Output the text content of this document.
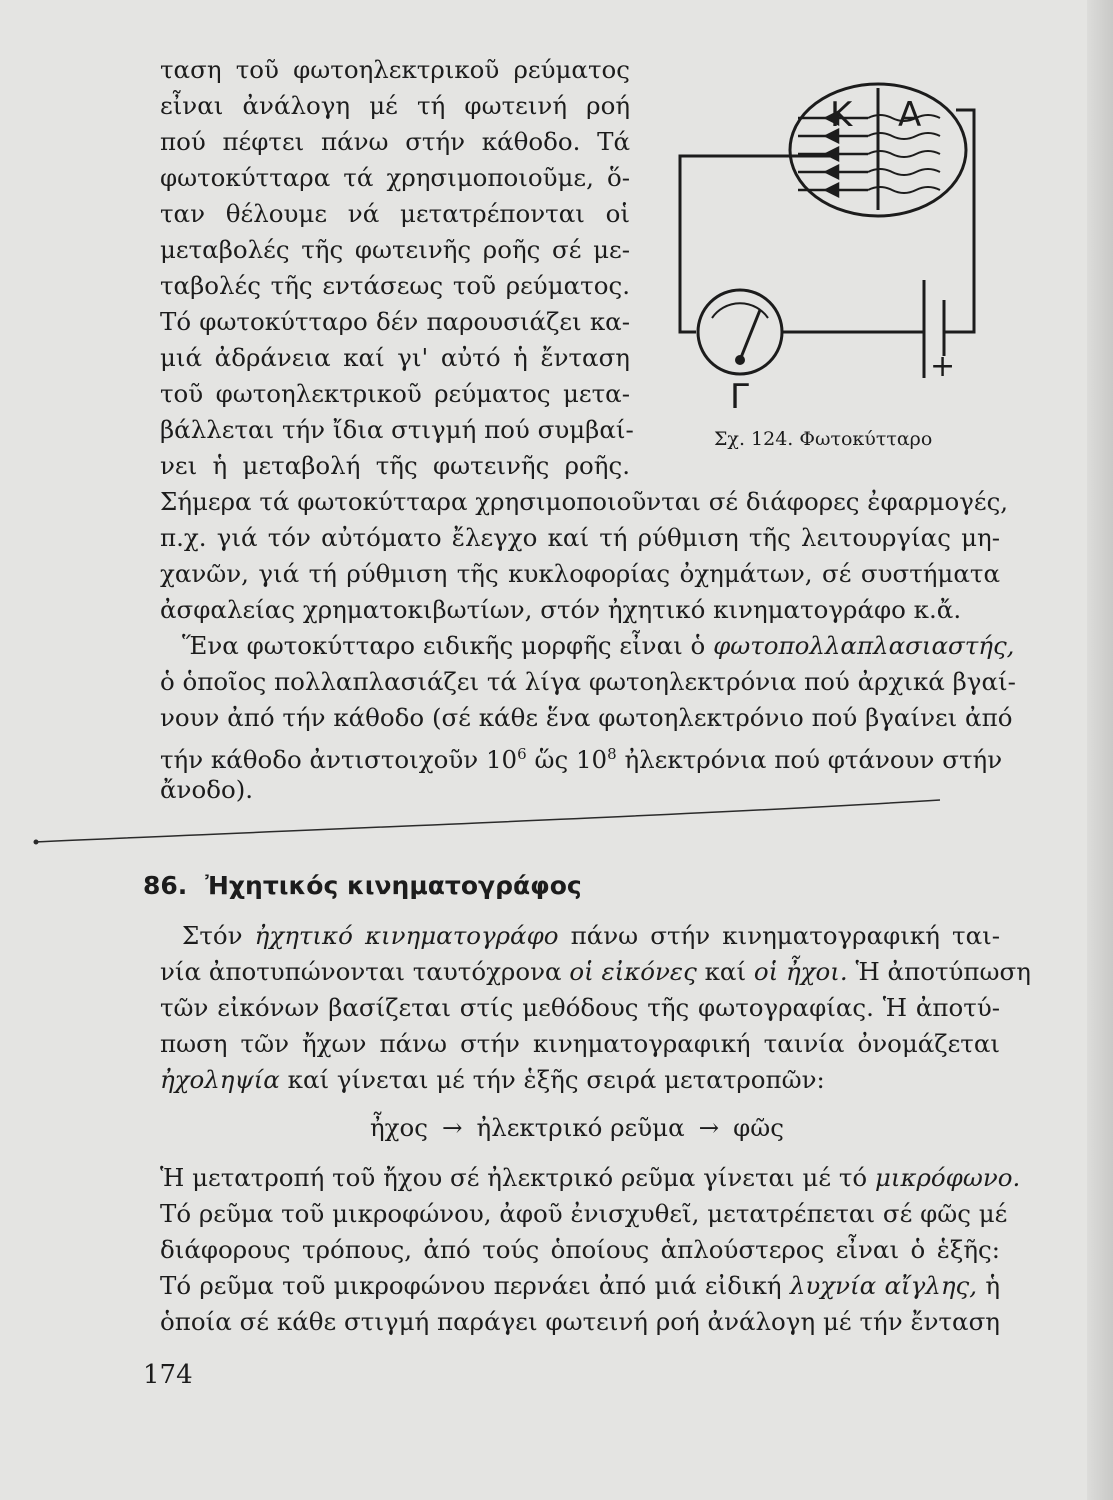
τ​αση τοῦ φωτοηλεκτρικοῦ ρεύματος
εἶναι ἀνάλογη μέ τή φωτεινή ροή
πού πέφτει πάνω στήν κάθοδο. Τά
φωτοκύτταρα τά χρησιμοποιοῦμε, ὅ-
ταν θέλουμε νά μετατρέπονται οἱ
μεταβολές τῆς φωτεινῆς ροῆς σέ με-
ταβολές τῆς εντάσεως τοῦ ρεύματος.
Τό φωτοκύτταρο δέν παρουσιάζει κα-
μιά ἀδράνεια καί γι' αὐτό ἡ ἔνταση
τοῦ φωτοηλεκτρικοῦ ρεύματος μετα-
βάλλεται τήν ἴδια στιγμή πού συμβαί-
νει ἡ μεταβολή τῆς φωτεινῆς ροῆς.
K A
Γ
+
Σχ. 124. Φωτοκύτταρο
Σήμερα τά φωτοκύτταρα χρησιμοποιοῦνται σέ διάφορες ἐφαρμογές,
π.χ. γιά τόν αὐτόματο ἔλεγχο καί τή ρύθμιση τῆς λειτουργίας μη-
χανῶν, γιά τή ρύθμιση τῆς κυκλοφορίας ὀχημάτων, σέ συστήματα
ἀσφαλείας χρηματοκιβωτίων, στόν ἠχητικό κινηματογράφο κ.ἄ.
Ἕνα φωτοκύτταρο ειδικῆς μορφῆς εἶναι ὁ φωτοπολλαπλασιαστής,
ὁ ὁποῖος πολλαπλασιάζει τά λίγα φωτοηλεκτρόνια πού ἀρχικά βγαί-
νουν ἀπό τήν κάθοδο (σέ κάθε ἕνα φωτοηλεκτρόνιο πού βγαίνει ἀπό
τήν κάθοδο ἀντιστοιχοῦν $10^6$ ὥς $10^8$ ἠλεκτρόνια πού φτάνουν στήν
ἄνοδο).
86. Ἠχητικός κινηματογράφος
Στόν ἠχητικό κινηματογράφο πάνω στήν κινηματογραφική ται-
νία ἀποτυπώνονται ταυτόχρονα οἱ εἰκόνες καί οἱ ἦχοι. Ἡ ἀποτύπωση
τῶν εἰκόνων βασίζεται στίς μεθόδους τῆς φωτογραφίας. Ἡ ἀποτύ-
πωση τῶν ἤχων πάνω στήν κινηματογραφική ταινία ὀνομάζεται
ἠχοληψία καί γίνεται μέ τήν ἑξῆς σειρά μετατροπῶν:
ἦχος → ἠλεκτρικό ρεῦμα → φῶς
Ἡ μετατροπή τοῦ ἤχου σέ ἠλεκτρικό ρεῦμα γίνεται μέ τό μικρόφωνο.
Τό ρεῦμα τοῦ μικροφώνου, ἀφοῦ ἐνισχυθεῖ, μετατρέπεται σέ φῶς μέ
διάφορους τρόπους, ἀπό τούς ὁποίους ἁπλούστερος εἶναι ὁ ἑξῆς:
Τό ρεῦμα τοῦ μικροφώνου περνάει ἀπό μιά εἰδική λυχνία αἴγλης, ἡ
ὁποία σέ κάθε στιγμή παράγει φωτεινή ροή ἀνάλογη μέ τήν ἔνταση
174
